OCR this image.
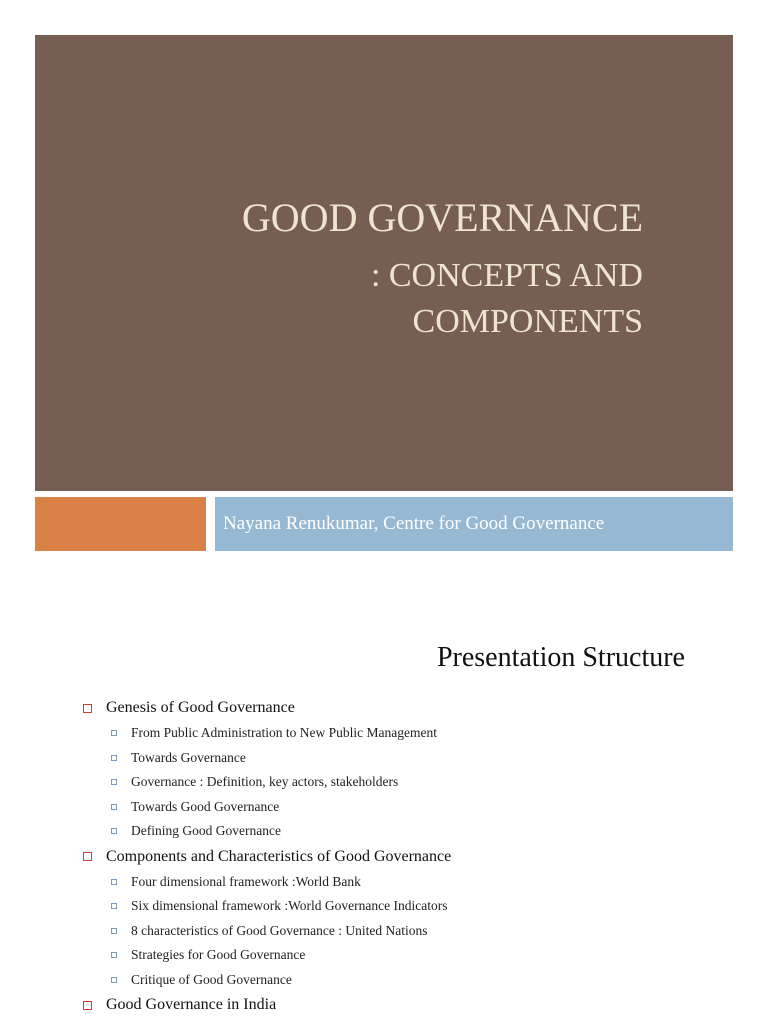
GOOD GOVERNANCE
: CONCEPTS AND
COMPONENTS
Nayana Renukumar, Centre for Good Governance
Presentation Structure
Genesis of Good Governance
From Public Administration to New Public Management
Towards Governance
Governance : Definition, key actors, stakeholders
Towards Good Governance
Defining Good Governance
Components and Characteristics of Good Governance
Four dimensional framework :World Bank
Six dimensional framework :World Governance Indicators
8 characteristics of Good Governance : United Nations
Strategies for Good Governance
Critique of Good Governance
Good Governance in India
